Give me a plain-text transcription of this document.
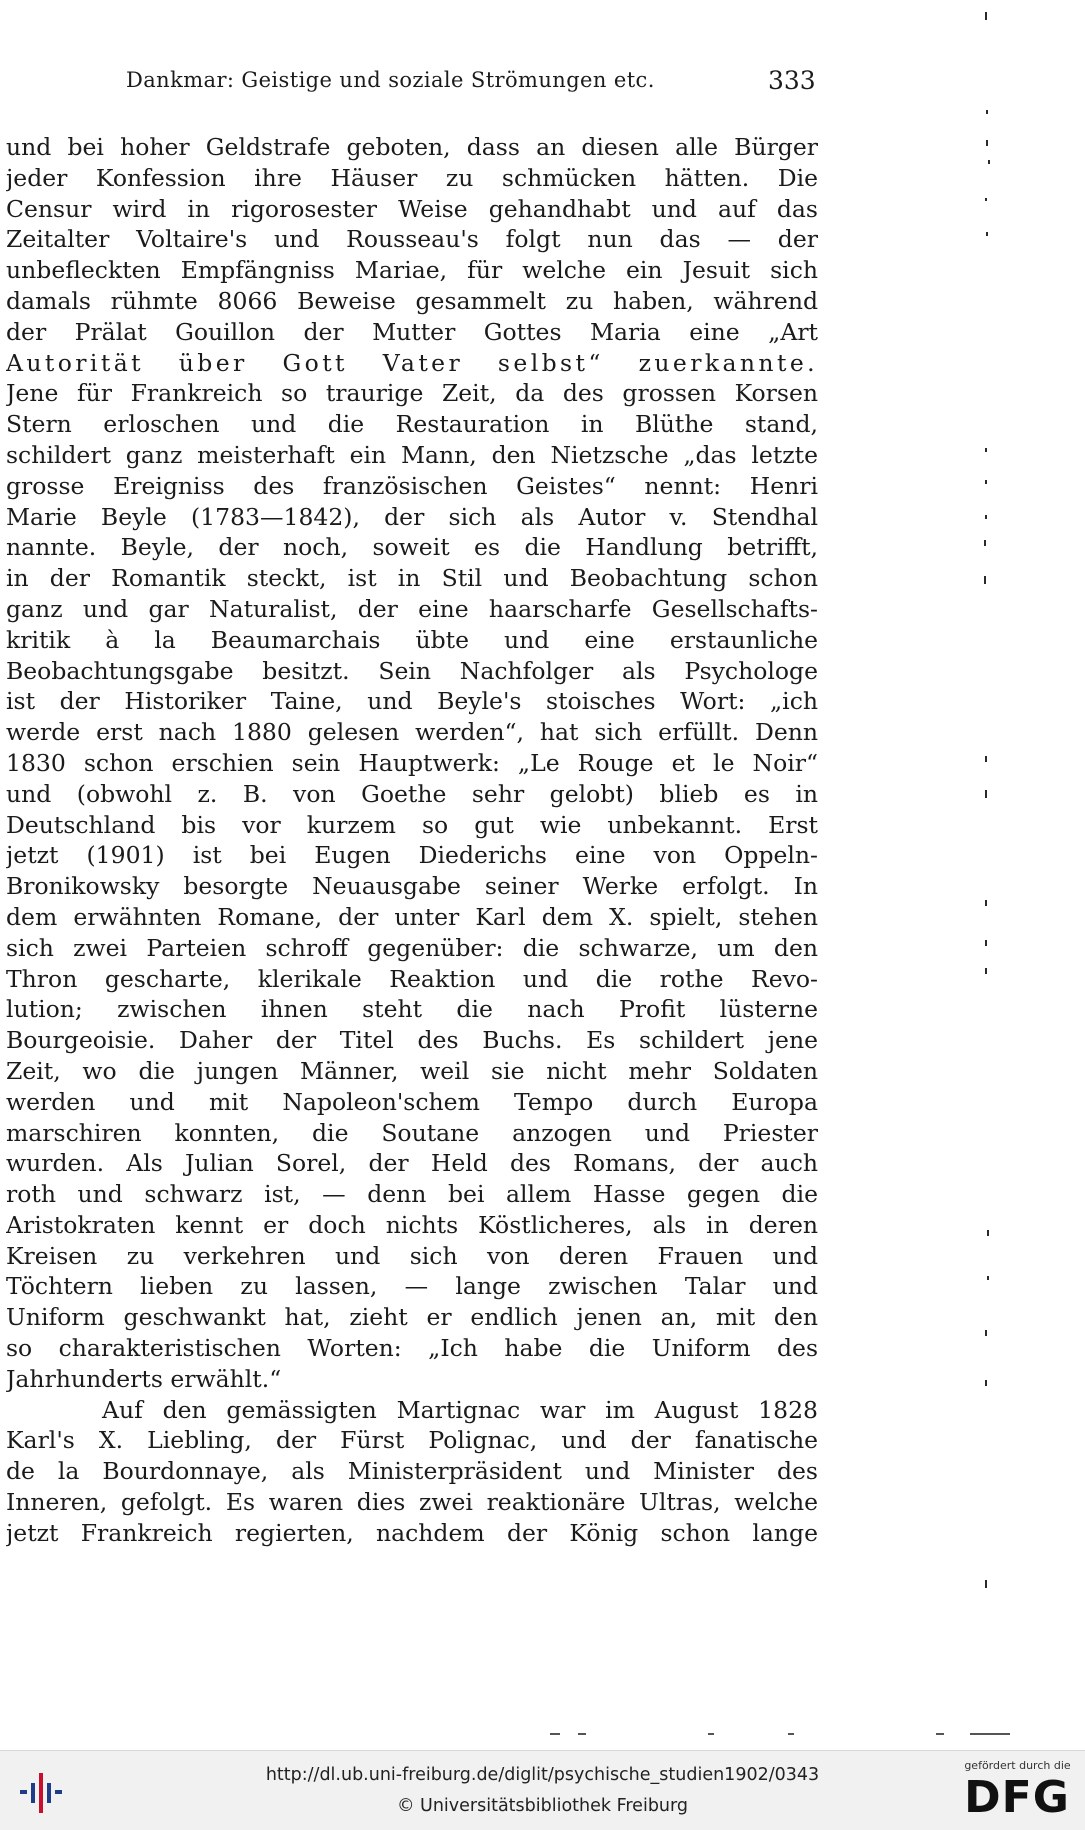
Dankmar: Geistige und soziale Strömungen etc.	333
und bei hoher Geldstrafe geboten, dass an diesen alle Bürger
jeder Konfession ihre Häuser zu schmücken hätten. Die
Censur wird in rigorosester Weise gehandhabt und auf das
Zeitalter Voltaire's und Rousseau's folgt nun das — der
unbefleckten Empfängniss Mariae, für welche ein Jesuit sich
damals rühmte 8066 Beweise gesammelt zu haben, während
der Prälat Gouillon der Mutter Gottes Maria eine „Art
Autorität über Gott Vater selbst“ zuerkannte.
Jene für Frankreich so traurige Zeit, da des grossen Korsen
Stern erloschen und die Restauration in Blüthe stand,
schildert ganz meisterhaft ein Mann, den Nietzsche „das letzte
grosse Ereigniss des französischen Geistes“ nennt: Henri
Marie Beyle (1783—1842), der sich als Autor v. Stendhal
nannte. Beyle, der noch, soweit es die Handlung betrifft,
in der Romantik steckt, ist in Stil und Beobachtung schon
ganz und gar Naturalist, der eine haarscharfe Gesellschafts-
kritik à la Beaumarchais übte und eine erstaunliche
Beobachtungsgabe besitzt. Sein Nachfolger als Psychologe
ist der Historiker Taine, und Beyle's stoisches Wort: „ich
werde erst nach 1880 gelesen werden“, hat sich erfüllt. Denn
1830 schon erschien sein Hauptwerk: „Le Rouge et le Noir“
und (obwohl z. B. von Goethe sehr gelobt) blieb es in
Deutschland bis vor kurzem so gut wie unbekannt. Erst
jetzt (1901) ist bei Eugen Diederichs eine von Oppeln-
Bronikowsky besorgte Neuausgabe seiner Werke erfolgt. In
dem erwähnten Romane, der unter Karl dem X. spielt, stehen
sich zwei Parteien schroff gegenüber: die schwarze, um den
Thron gescharte, klerikale Reaktion und die rothe Revo-
lution; zwischen ihnen steht die nach Profit lüsterne
Bourgeoisie. Daher der Titel des Buchs. Es schildert jene
Zeit, wo die jungen Männer, weil sie nicht mehr Soldaten
werden und mit Napoleon'schem Tempo durch Europa
marschiren konnten, die Soutane anzogen und Priester
wurden. Als Julian Sorel, der Held des Romans, der auch
roth und schwarz ist, — denn bei allem Hasse gegen die
Aristokraten kennt er doch nichts Köstlicheres, als in deren
Kreisen zu verkehren und sich von deren Frauen und
Töchtern lieben zu lassen, — lange zwischen Talar und
Uniform geschwankt hat, zieht er endlich jenen an, mit den
so charakteristischen Worten: „Ich habe die Uniform des
Jahrhunderts erwählt.“
Auf den gemässigten Martignac war im August 1828
Karl's X. Liebling, der Fürst Polignac, und der fanatische
de la Bourdonnaye, als Ministerpräsident und Minister des
Inneren, gefolgt. Es waren dies zwei reaktionäre Ultras, welche
jetzt Frankreich regierten, nachdem der König schon lange
http://dl.ub.uni-freiburg.de/diglit/psychische_studien1902/0343
© Universitätsbibliothek Freiburg
gefördert durch die
DFG
